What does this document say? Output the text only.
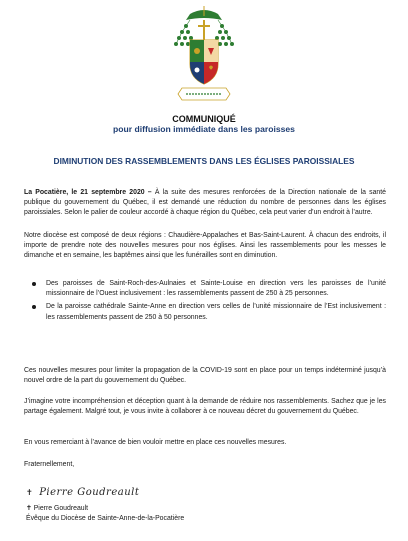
COMMUNIQUÉ
pour diffusion immédiate dans les paroisses
DIMINUTION DES RASSEMBLEMENTS DANS LES ÉGLISES PAROISSIALES
La Pocatière, le 21 septembre 2020 – À la suite des mesures renforcées de la Direction nationale de la santé publique du gouvernement du Québec, il est demandé une réduction du nombre de personnes dans les églises paroissiales. Selon le palier de couleur accordé à chaque région du Québec, cela peut varier d’un endroit à l’autre.
Notre diocèse est composé de deux régions : Chaudière-Appalaches et Bas-Saint-Laurent. À chacun des endroits, il importe de prendre note des nouvelles mesures pour nos églises. Ainsi les rassemblements pour les messes le dimanche et en semaine, les baptêmes ainsi que les funérailles sont en diminution.
Des paroisses de Saint-Roch-des-Aulnaies et Sainte-Louise en direction vers les paroisses de l’unité missionnaire de l’Ouest inclusivement : les rassemblements passent de 250 à 25 personnes.
De la paroisse cathédrale Sainte-Anne en direction vers celles de l’unité missionnaire de l’Est inclusivement : les rassemblements passent de 250 à 50 personnes.
Ces nouvelles mesures pour limiter la propagation de la COVID-19 sont en place pour un temps indéterminé jusqu’à nouvel ordre de la part du gouvernement du Québec.
J’imagine votre incompréhension et déception quant à la demande de réduire nos rassemblements. Sachez que je les partage également. Malgré tout, je vous invite à collaborer à ce nouveau décret du gouvernement du Québec.
En vous remerciant à l’avance de bien vouloir mettre en place ces nouvelles mesures.
Fraternellement,
✝ Pierre Goudreault
✝ Pierre Goudreault
Évêque du Diocèse de Sainte-Anne-de-la-Pocatière
